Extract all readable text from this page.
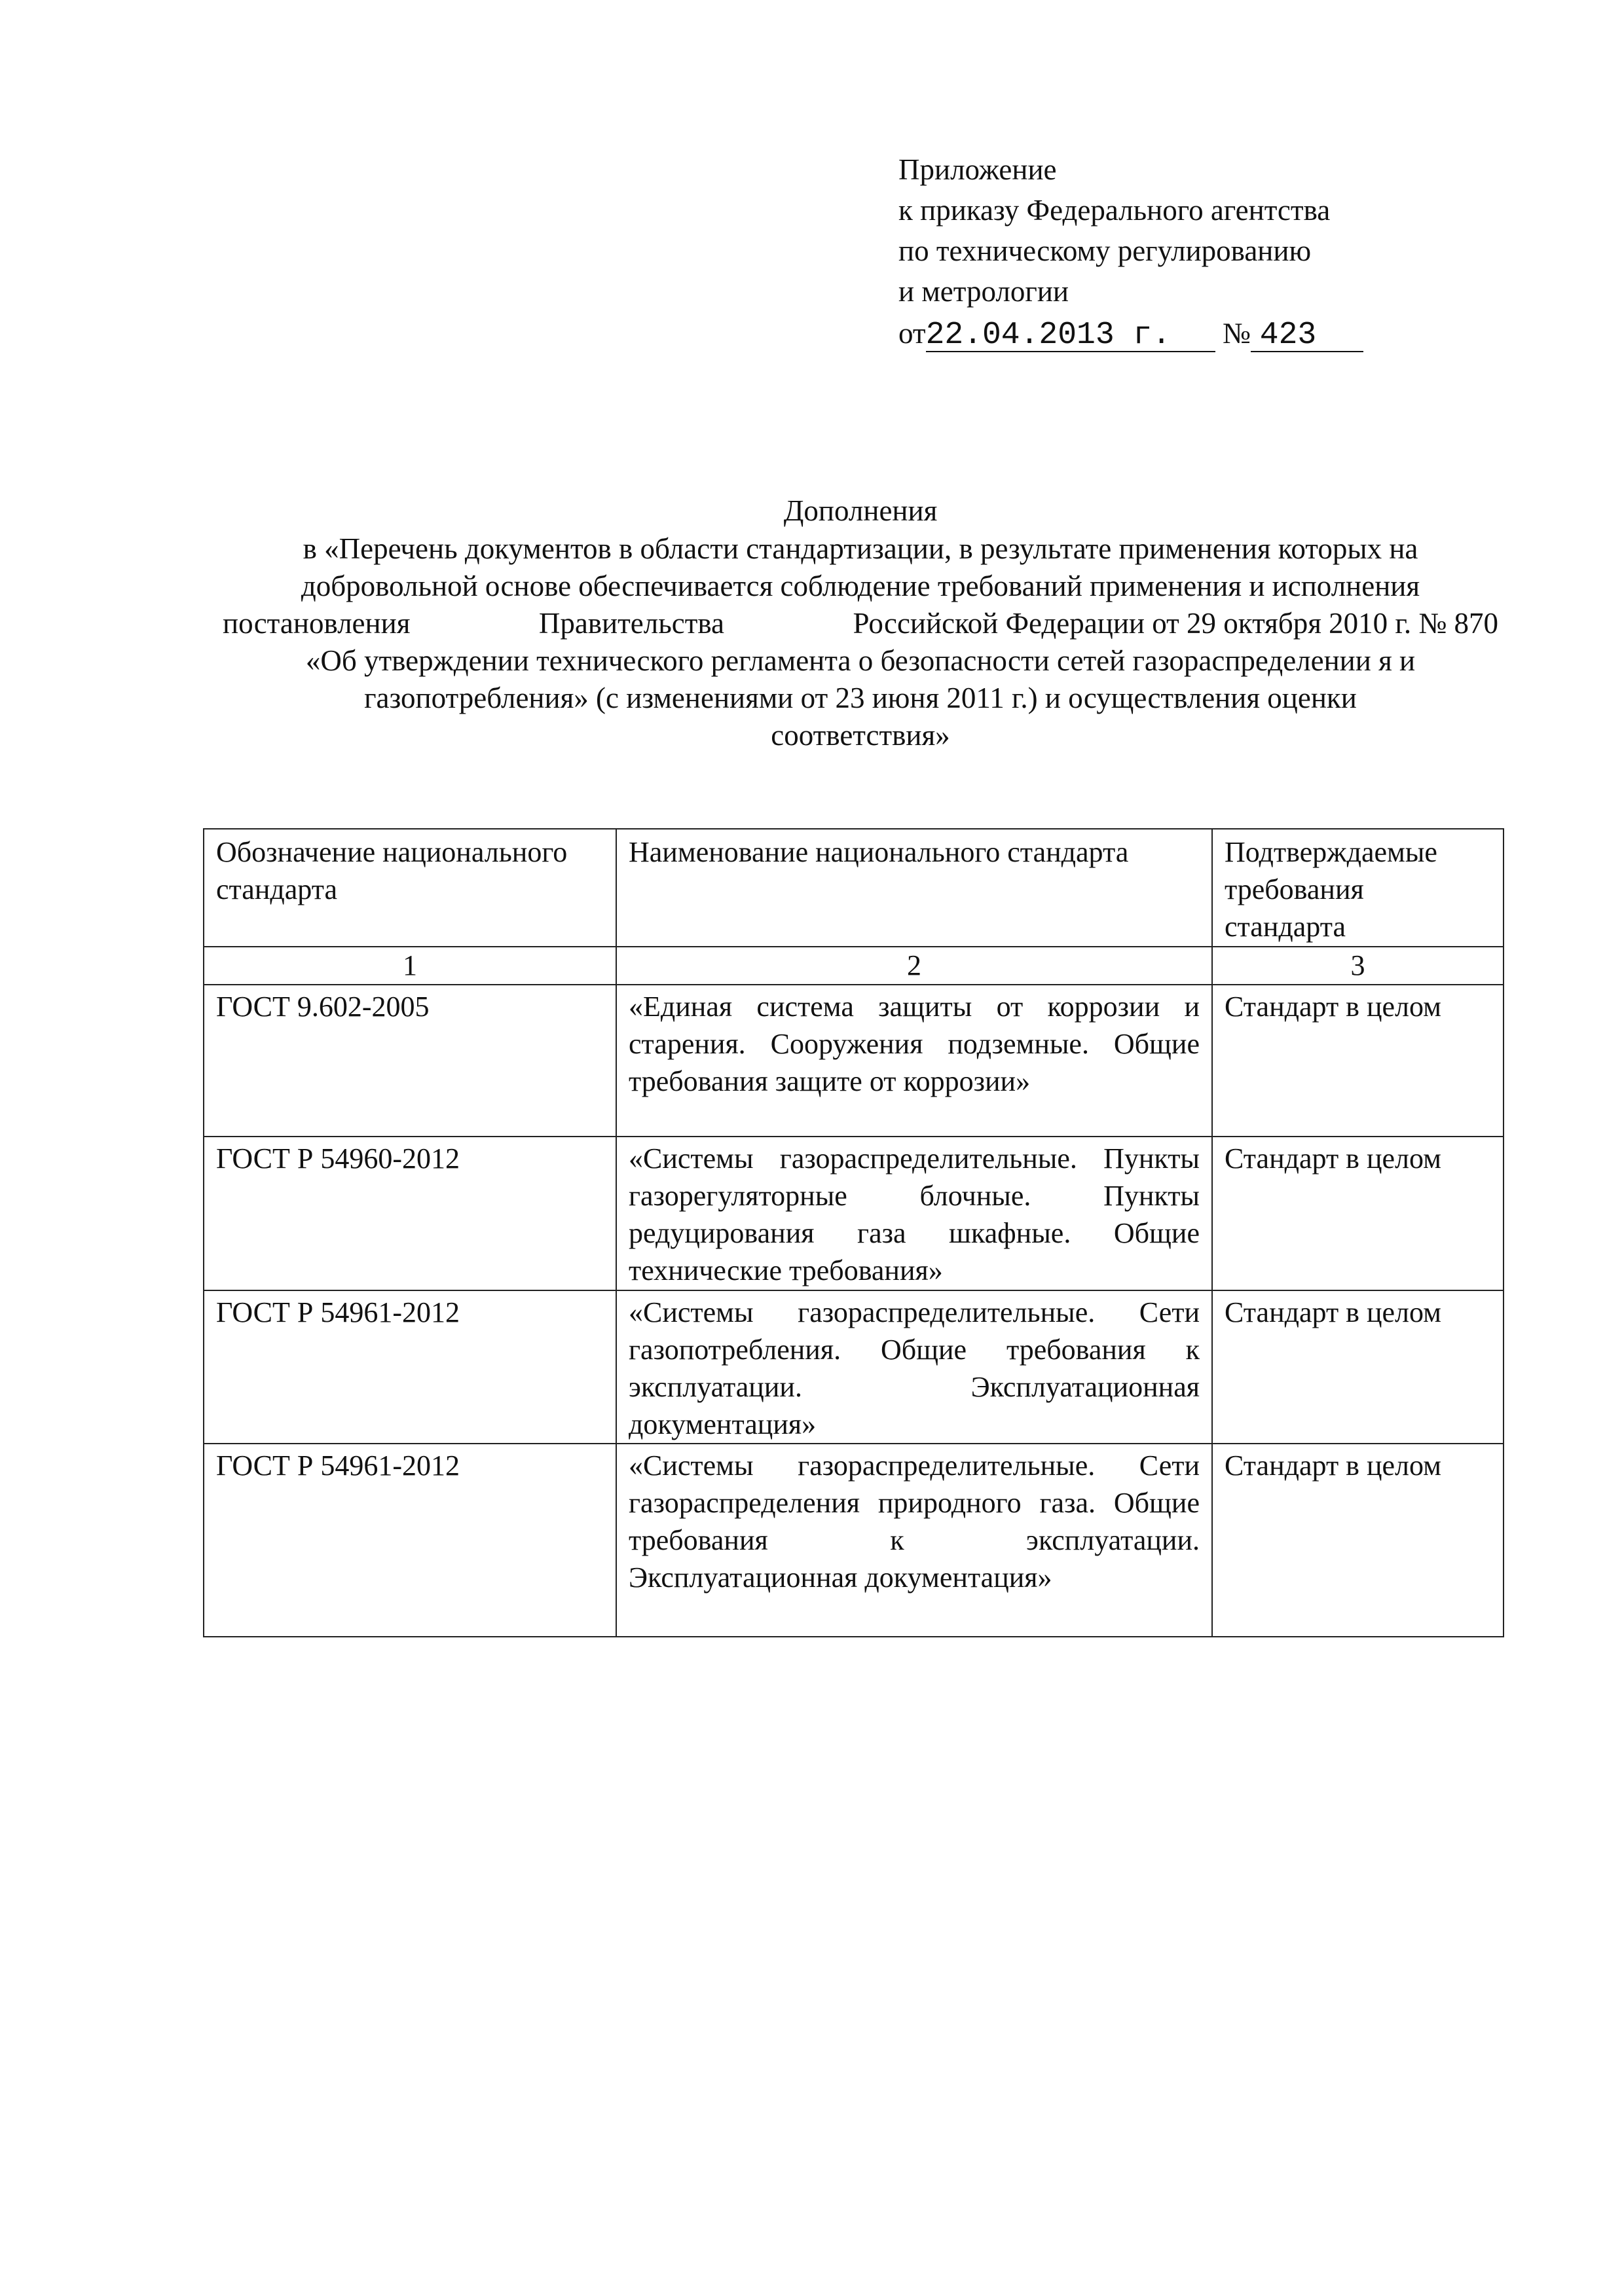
Приложение
к приказу Федерального агентства
по техническому регулированию
и метрологии
от22.04.2013 г. № 423
Дополнения
в «Перечень документов в области стандартизации, в результате применения которых на
добровольной основе обеспечивается соблюдение требований применения и исполнения
постановления	Правительства	Российской Федерации от 29 октября 2010 г. № 870
«Об утверждении технического регламента о безопасности сетей газораспределении я и
газопотребления» (с изменениями от 23 июня 2011 г.) и осуществления оценки
соответствия»
Обозначение национального стандарта	Наименование национального стандарта	Подтверждаемые требования стандарта
1	2	3
ГОСТ 9.602-2005	«Единая система защиты от коррозии и старения. Сооружения подземные. Общие требования защите от коррозии»	Стандарт в целом
ГОСТ Р 54960-2012	«Системы газораспределительные. Пункты газорегуляторные блочные. Пункты редуцирования газа шкафные. Общие технические требования»	Стандарт в целом
ГОСТ Р 54961-2012	«Системы газораспределительные. Сети газопотребления. Общие требования к эксплуатации. Эксплуатационная документация»	Стандарт в целом
ГОСТ Р 54961-2012	«Системы газораспределительные. Сети газораспределения природного газа. Общие требования к эксплуатации. Эксплуатационная документация»	Стандарт в целом
